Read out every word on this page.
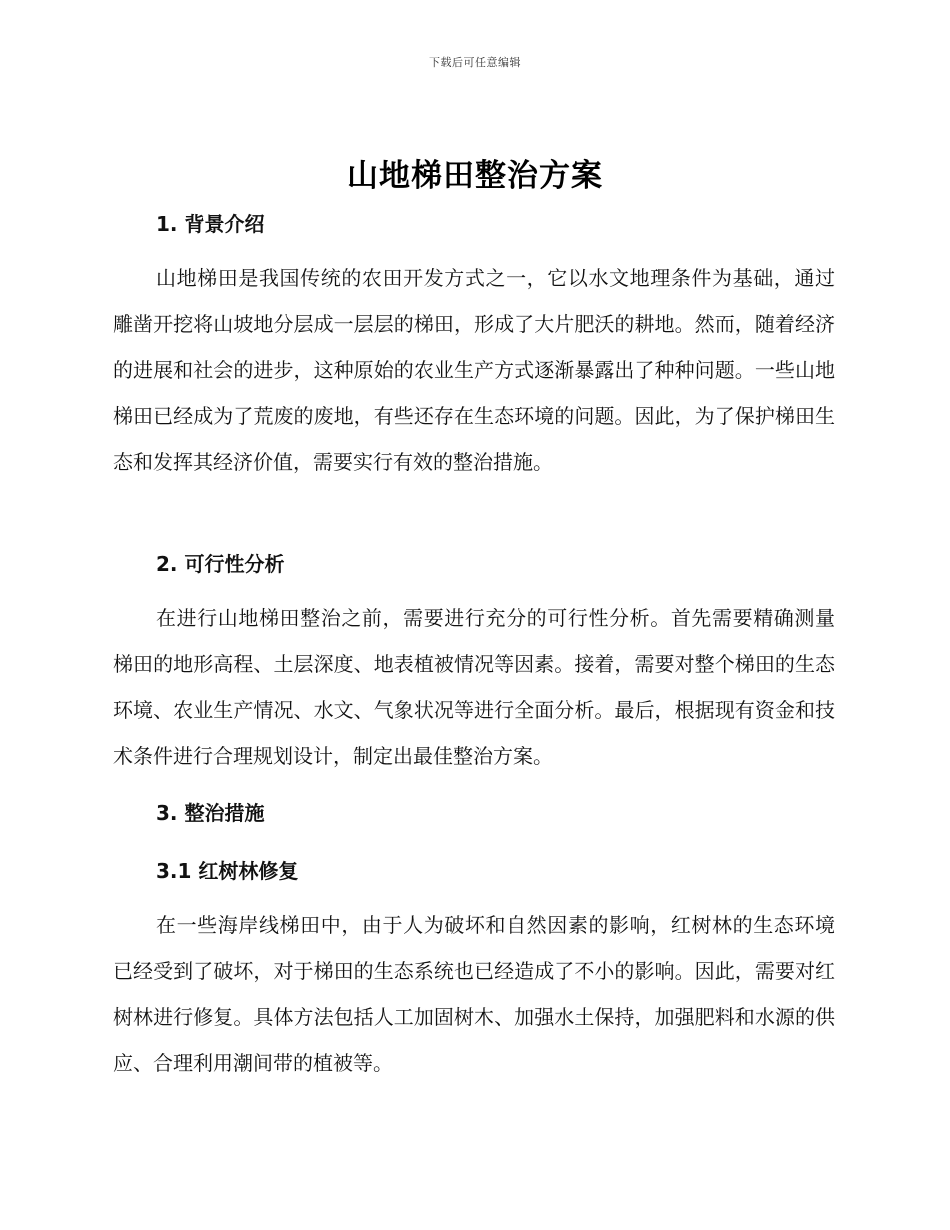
下载后可任意编辑
山地梯田整治方案
1. 背景介绍

山地梯田是我国传统的农田开发方式之一，它以水文地理条件为基础，通过雕凿开挖将山坡地分层成一层层的梯田，形成了大片肥沃的耕地。然而，随着经济的进展和社会的进步，这种原始的农业生产方式逐渐暴露出了种种问题。一些山地梯田已经成为了荒废的废地，有些还存在生态环境的问题。因此，为了保护梯田生态和发挥其经济价值，需要实行有效的整治措施。

2. 可行性分析

在进行山地梯田整治之前，需要进行充分的可行性分析。首先需要精确测量梯田的地形高程、土层深度、地表植被情况等因素。接着，需要对整个梯田的生态环境、农业生产情况、水文、气象状况等进行全面分析。最后，根据现有资金和技术条件进行合理规划设计，制定出最佳整治方案。

3. 整治措施
3.1 红树林修复

在一些海岸线梯田中，由于人为破坏和自然因素的影响，红树林的生态环境已经受到了破坏，对于梯田的生态系统也已经造成了不小的影响。因此，需要对红树林进行修复。具体方法包括人工加固树木、加强水土保持，加强肥料和水源的供应、合理利用潮间带的植被等。
